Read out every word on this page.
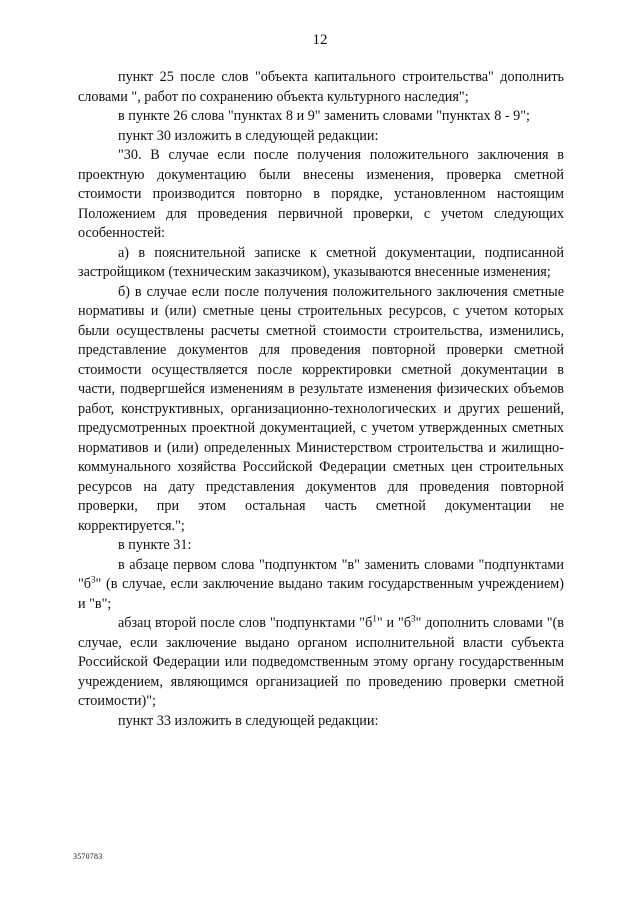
12

пункт 25 после слов "объекта капитального строительства" дополнить словами ", работ по сохранению объекта культурного наследия";

в пункте 26 слова "пунктах 8 и 9" заменить словами "пунктах 8 - 9";

пункт 30 изложить в следующей редакции:

"30. В случае если после получения положительного заключения в проектную документацию были внесены изменения, проверка сметной стоимости производится повторно в порядке, установленном настоящим Положением для проведения первичной проверки, с учетом следующих особенностей:

а) в пояснительной записке к сметной документации, подписанной застройщиком (техническим заказчиком), указываются внесенные изменения;

б) в случае если после получения положительного заключения сметные нормативы и (или) сметные цены строительных ресурсов, с учетом которых были осуществлены расчеты сметной стоимости строительства, изменились, представление документов для проведения повторной проверки сметной стоимости осуществляется после корректировки сметной документации в части, подвергшейся изменениям в результате изменения физических объемов работ, конструктивных, организационно-технологических и других решений, предусмотренных проектной документацией, с учетом утвержденных сметных нормативов и (или) определенных Министерством строительства и жилищно-коммунального хозяйства Российской Федерации сметных цен строительных ресурсов на дату представления документов для проведения повторной проверки, при этом остальная часть сметной документации не корректируется.";

в пункте 31:

в абзаце первом слова "подпунктом "в" заменить словами "подпунктами "$б^3$" (в случае, если заключение выдано таким государственным учреждением) и "в";

абзац второй после слов "подпунктами "$б^1$" и "$б^3$" дополнить словами "(в случае, если заключение выдано органом исполнительной власти субъекта Российской Федерации или подведомственным этому органу государственным учреждением, являющимся организацией по проведению проверки сметной стоимости)";

пункт 33 изложить в следующей редакции:

3570783
